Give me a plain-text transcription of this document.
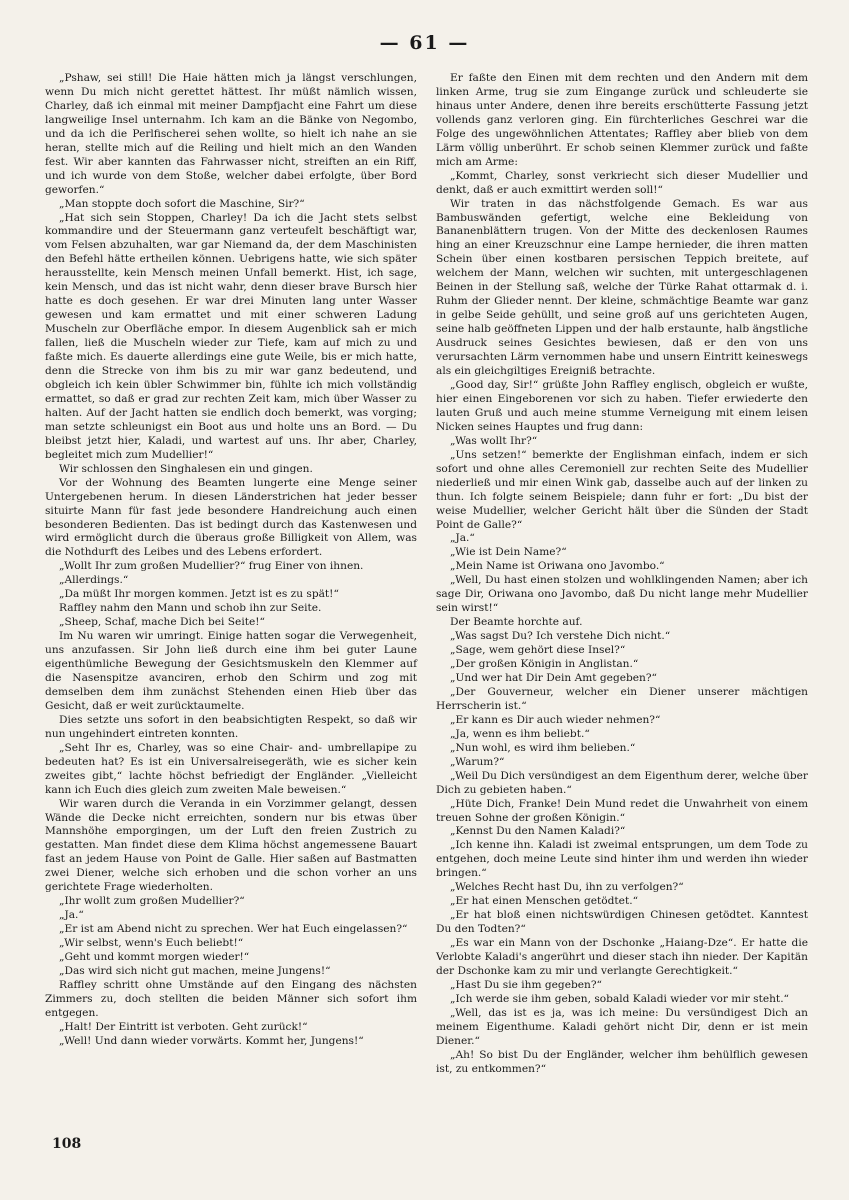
— 61 —

„Pshaw, sei still! Die Haie hätten mich ja längst verschlungen, wenn Du mich nicht gerettet hättest. Ihr müßt nämlich wissen, Charley, daß ich einmal mit meiner Dampfjacht eine Fahrt um diese langweilige Insel unternahm. Ich kam an die Bänke von Negombo, und da ich die Perlfischerei sehen wollte, so hielt ich nahe an sie heran, stellte mich auf die Reiling und hielt mich an den Wanden fest. Wir aber kannten das Fahrwasser nicht, streiften an ein Riff, und ich wurde von dem Stoße, welcher dabei erfolgte, über Bord geworfen.“

„Man stoppte doch sofort die Maschine, Sir?“

„Hat sich sein Stoppen, Charley! Da ich die Jacht stets selbst kommandire und der Steuermann ganz verteufelt beschäftigt war, vom Felsen abzuhalten, war gar Niemand da, der dem Maschinisten den Befehl hätte ertheilen können. Uebrigens hatte, wie sich später herausstellte, kein Mensch meinen Unfall bemerkt. Hist, ich sage, kein Mensch, und das ist nicht wahr, denn dieser brave Bursch hier hatte es doch gesehen. Er war drei Minuten lang unter Wasser gewesen und kam ermattet und mit einer schweren Ladung Muscheln zur Oberfläche empor. In diesem Augenblick sah er mich fallen, ließ die Muscheln wieder zur Tiefe, kam auf mich zu und faßte mich. Es dauerte allerdings eine gute Weile, bis er mich hatte, denn die Strecke von ihm bis zu mir war ganz bedeutend, und obgleich ich kein übler Schwimmer bin, fühlte ich mich vollständig ermattet, so daß er grad zur rechten Zeit kam, mich über Wasser zu halten. Auf der Jacht hatten sie endlich doch bemerkt, was vorging; man setzte schleunigst ein Boot aus und holte uns an Bord. — Du bleibst jetzt hier, Kaladi, und wartest auf uns. Ihr aber, Charley, begleitet mich zum Mudellier!“

Wir schlossen den Singhalesen ein und gingen.

Vor der Wohnung des Beamten lungerte eine Menge seiner Untergebenen herum. In diesen Länderstrichen hat jeder besser situirte Mann für fast jede besondere Handreichung auch einen besonderen Bedienten. Das ist bedingt durch das Kastenwesen und wird ermöglicht durch die überaus große Billigkeit von Allem, was die Nothdurft des Leibes und des Lebens erfordert.

„Wollt Ihr zum großen Mudellier?“ frug Einer von ihnen.

„Allerdings.“

„Da müßt Ihr morgen kommen. Jetzt ist es zu spät!“

Raffley nahm den Mann und schob ihn zur Seite.

„Sheep, Schaf, mache Dich bei Seite!“

Im Nu waren wir umringt. Einige hatten sogar die Verwegenheit, uns anzufassen. Sir John ließ durch eine ihm bei guter Laune eigenthümliche Bewegung der Gesichtsmuskeln den Klemmer auf die Nasenspitze avanciren, erhob den Schirm und zog mit demselben dem ihm zunächst Stehenden einen Hieb über das Gesicht, daß er weit zurücktaumelte.

Dies setzte uns sofort in den beabsichtigten Respekt, so daß wir nun ungehindert eintreten konnten.

„Seht Ihr es, Charley, was so eine Chair- and- umbrellapipe zu bedeuten hat? Es ist ein Universalreisegeräth, wie es sicher kein zweites gibt,“ lachte höchst befriedigt der Engländer. „Vielleicht kann ich Euch dies gleich zum zweiten Male beweisen.“

Wir waren durch die Veranda in ein Vorzimmer gelangt, dessen Wände die Decke nicht erreichten, sondern nur bis etwas über Mannshöhe emporgingen, um der Luft den freien Zustrich zu gestatten. Man findet diese dem Klima höchst angemessene Bauart fast an jedem Hause von Point de Galle. Hier saßen auf Bastmatten zwei Diener, welche sich erhoben und die schon vorher an uns gerichtete Frage wiederholten.

„Ihr wollt zum großen Mudellier?“

„Ja.“

„Er ist am Abend nicht zu sprechen. Wer hat Euch eingelassen?“

„Wir selbst, wenn's Euch beliebt!“

„Geht und kommt morgen wieder!“

„Das wird sich nicht gut machen, meine Jungens!“

Raffley schritt ohne Umstände auf den Eingang des nächsten Zimmers zu, doch stellten die beiden Männer sich sofort ihm entgegen.

„Halt! Der Eintritt ist verboten. Geht zurück!“

„Well! Und dann wieder vorwärts. Kommt her, Jungens!“

Er faßte den Einen mit dem rechten und den Andern mit dem linken Arme, trug sie zum Eingange zurück und schleuderte sie hinaus unter Andere, denen ihre bereits erschütterte Fassung jetzt vollends ganz verloren ging. Ein fürchterliches Geschrei war die Folge des ungewöhnlichen Attentates; Raffley aber blieb von dem Lärm völlig unberührt. Er schob seinen Klemmer zurück und faßte mich am Arme:

„Kommt, Charley, sonst verkriecht sich dieser Mudellier und denkt, daß er auch exmittirt werden soll!“

Wir traten in das nächstfolgende Gemach. Es war aus Bambuswänden gefertigt, welche eine Bekleidung von Bananenblättern trugen. Von der Mitte des deckenlosen Raumes hing an einer Kreuzschnur eine Lampe hernieder, die ihren matten Schein über einen kostbaren persischen Teppich breitete, auf welchem der Mann, welchen wir suchten, mit untergeschlagenen Beinen in der Stellung saß, welche der Türke Rahat ottarmak d. i. Ruhm der Glieder nennt. Der kleine, schmächtige Beamte war ganz in gelbe Seide gehüllt, und seine groß auf uns gerichteten Augen, seine halb geöffneten Lippen und der halb erstaunte, halb ängstliche Ausdruck seines Gesichtes bewiesen, daß er den von uns verursachten Lärm vernommen habe und unsern Eintritt keineswegs als ein gleichgiltiges Ereigniß betrachte.

„Good day, Sir!“ grüßte John Raffley englisch, obgleich er wußte, hier einen Eingeborenen vor sich zu haben. Tiefer erwiederte den lauten Gruß und auch meine stumme Verneigung mit einem leisen Nicken seines Hauptes und frug dann:

„Was wollt Ihr?“

„Uns setzen!“ bemerkte der Englishman einfach, indem er sich sofort und ohne alles Ceremoniell zur rechten Seite des Mudellier niederließ und mir einen Wink gab, dasselbe auch auf der linken zu thun. Ich folgte seinem Beispiele; dann fuhr er fort: „Du bist der weise Mudellier, welcher Gericht hält über die Sünden der Stadt Point de Galle?“

„Ja.“

„Wie ist Dein Name?“

„Mein Name ist Oriwana ono Javombo.“

„Well, Du hast einen stolzen und wohlklingenden Namen; aber ich sage Dir, Oriwana ono Javombo, daß Du nicht lange mehr Mudellier sein wirst!“

Der Beamte horchte auf.

„Was sagst Du? Ich verstehe Dich nicht.“

„Sage, wem gehört diese Insel?“

„Der großen Königin in Anglistan.“

„Und wer hat Dir Dein Amt gegeben?“

„Der Gouverneur, welcher ein Diener unserer mächtigen Herrscherin ist.“

„Er kann es Dir auch wieder nehmen?“

„Ja, wenn es ihm beliebt.“

„Nun wohl, es wird ihm belieben.“

„Warum?“

„Weil Du Dich versündigest an dem Eigenthum derer, welche über Dich zu gebieten haben.“

„Hüte Dich, Franke! Dein Mund redet die Unwahrheit von einem treuen Sohne der großen Königin.“

„Kennst Du den Namen Kaladi?“

„Ich kenne ihn. Kaladi ist zweimal entsprungen, um dem Tode zu entgehen, doch meine Leute sind hinter ihm und werden ihn wieder bringen.“

„Welches Recht hast Du, ihn zu verfolgen?“

„Er hat einen Menschen getödtet.“

„Er hat bloß einen nichtswürdigen Chinesen getödtet. Kanntest Du den Todten?“

„Es war ein Mann von der Dschonke „Haiang-Dze“. Er hatte die Verlobte Kaladi's angerührt und dieser stach ihn nieder. Der Kapitän der Dschonke kam zu mir und verlangte Gerechtigkeit.“

„Hast Du sie ihm gegeben?“

„Ich werde sie ihm geben, sobald Kaladi wieder vor mir steht.“

„Well, das ist es ja, was ich meine: Du versündigest Dich an meinem Eigenthume. Kaladi gehört nicht Dir, denn er ist mein Diener.“

„Ah! So bist Du der Engländer, welcher ihm behülflich gewesen ist, zu entkommen?“

108
